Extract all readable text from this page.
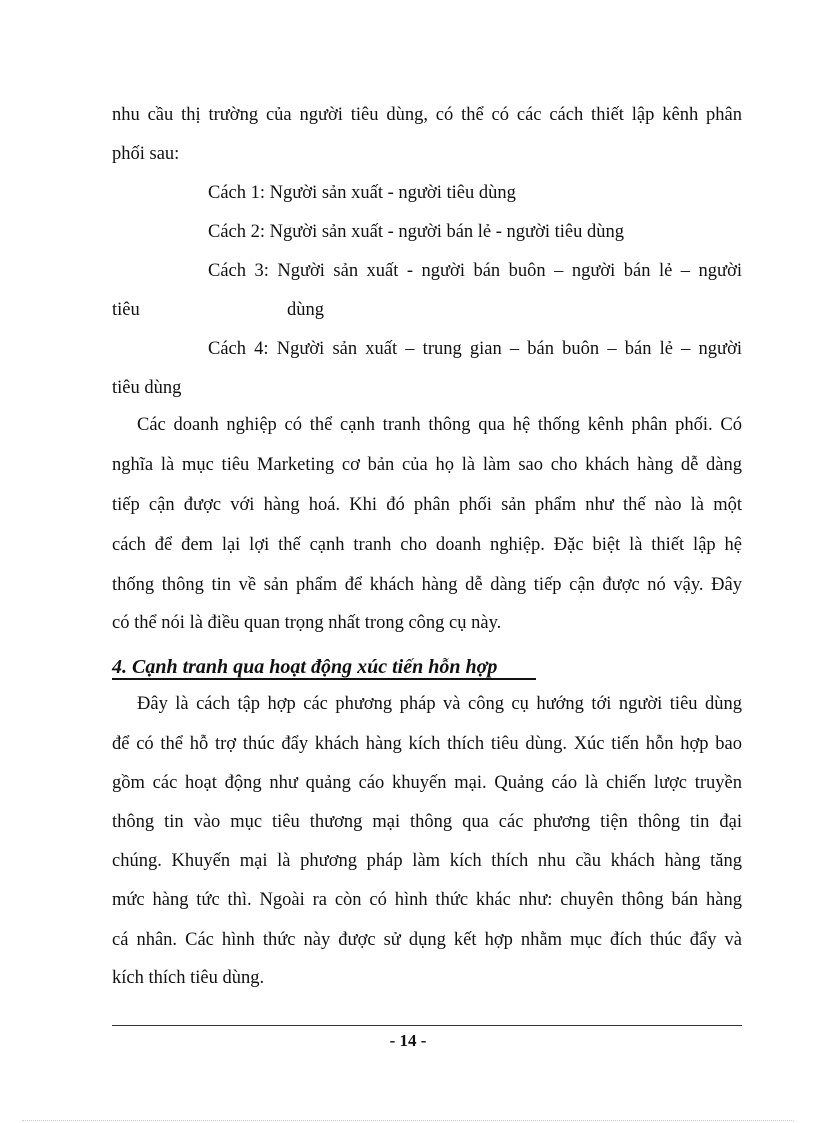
nhu cầu thị trường của người tiêu dùng, có thể có các cách thiết lập kênh phân
phối sau:
Cách 1: Người sản xuất - người tiêu dùng
Cách 2: Người sản xuất - người bán lẻ - người tiêu dùng
Cách 3: Người sản xuất - người bán buôn – người bán lẻ – người
tiêu	dùng
Cách 4: Người sản xuất – trung gian – bán buôn – bán lẻ – người
tiêu dùng
Các doanh nghiệp có thể cạnh tranh thông qua hệ thống kênh phân phối. Có
nghĩa là mục tiêu Marketing cơ bản của họ là làm sao cho khách hàng dễ dàng
tiếp cận được với hàng hoá. Khi đó phân phối sản phẩm như thế nào là một
cách để đem lại lợi thế cạnh tranh cho doanh nghiệp. Đặc biệt là thiết lập hệ
thống thông tin về sản phẩm để khách hàng dễ dàng tiếp cận được nó vậy. Đây
có thể nói là điều quan trọng nhất trong công cụ này.
4. Cạnh tranh qua hoạt động xúc tiến hỗn hợp
Đây là cách tập hợp các phương pháp và công cụ hướng tới người tiêu dùng
để có thể hỗ trợ thúc đẩy khách hàng kích thích tiêu dùng. Xúc tiến hỗn hợp bao
gồm các hoạt động như quảng cáo khuyến mại. Quảng cáo là chiến lược truyền
thông tin vào mục tiêu thương mại thông qua các phương tiện thông tin đại
chúng. Khuyến mại là phương pháp làm kích thích nhu cầu khách hàng tăng
mức hàng tức thì. Ngoài ra còn có hình thức khác như: chuyên thông bán hàng
cá nhân. Các hình thức này được sử dụng kết hợp nhằm mục đích thúc đẩy và
kích thích tiêu dùng.
- 14 -
